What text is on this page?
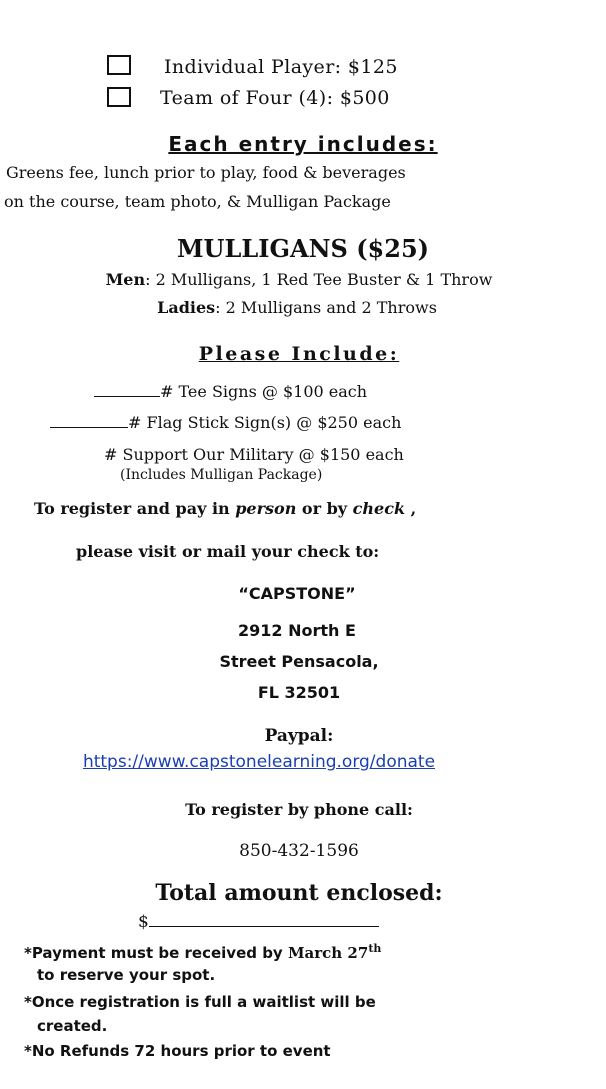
Individual Player: $125
Team of Four (4): $500
Each entry includes:
Greens fee, lunch prior to play, food & beverages
on the course, team photo, & Mulligan Package
MULLIGANS ($25)
Men: 2 Mulligans, 1 Red Tee Buster & 1 Throw
Ladies: 2 Mulligans and 2 Throws
Please Include:
# Tee Signs @ $100 each
# Flag Stick Sign(s) @ $250 each
# Support Our Military @ $150 each
(Includes Mulligan Package)
To register and pay in person or by check ,
please visit or mail your check to:
“CAPSTONE”
2912 North E
Street Pensacola,
FL 32501
Paypal:
https://www.capstonelearning.org/donate
To register by phone call:
850-432-1596
Total amount enclosed:
$
*Payment must be received by March 27th
to reserve your spot.
*Once registration is full a waitlist will be
created.
*No Refunds 72 hours prior to event
